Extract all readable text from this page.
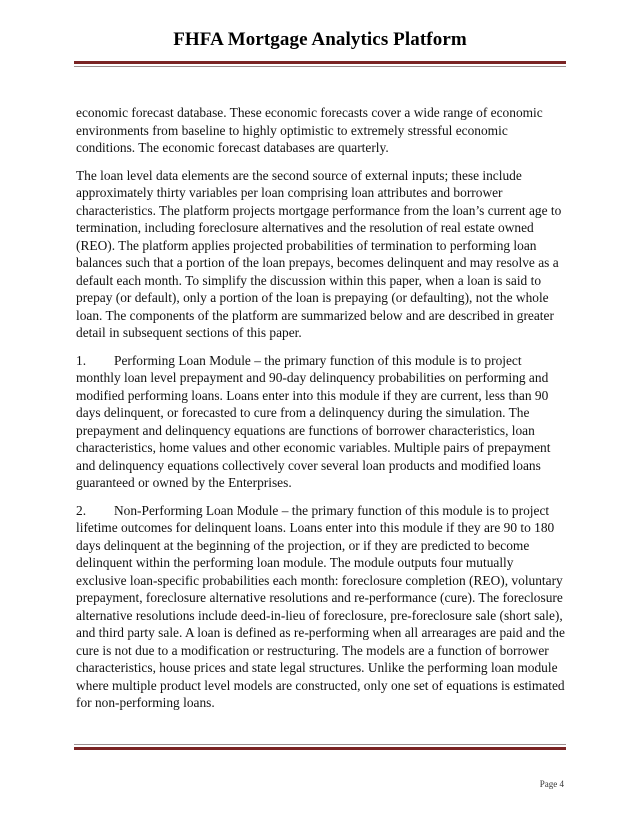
FHFA Mortgage Analytics Platform

economic forecast database. These economic forecasts cover a wide range of economic environments from baseline to highly optimistic to extremely stressful economic conditions. The economic forecast databases are quarterly.

The loan level data elements are the second source of external inputs; these include approximately thirty variables per loan comprising loan attributes and borrower characteristics. The platform projects mortgage performance from the loan’s current age to termination, including foreclosure alternatives and the resolution of real estate owned (REO). The platform applies projected probabilities of termination to performing loan balances such that a portion of the loan prepays, becomes delinquent and may resolve as a default each month. To simplify the discussion within this paper, when a loan is said to prepay (or default), only a portion of the loan is prepaying (or defaulting), not the whole loan. The components of the platform are summarized below and are described in greater detail in subsequent sections of this paper.

1. Performing Loan Module – the primary function of this module is to project monthly loan level prepayment and 90-day delinquency probabilities on performing and modified performing loans. Loans enter into this module if they are current, less than 90 days delinquent, or forecasted to cure from a delinquency during the simulation. The prepayment and delinquency equations are functions of borrower characteristics, loan characteristics, home values and other economic variables. Multiple pairs of prepayment and delinquency equations collectively cover several loan products and modified loans guaranteed or owned by the Enterprises.

2. Non-Performing Loan Module – the primary function of this module is to project lifetime outcomes for delinquent loans. Loans enter into this module if they are 90 to 180 days delinquent at the beginning of the projection, or if they are predicted to become delinquent within the performing loan module. The module outputs four mutually exclusive loan-specific probabilities each month: foreclosure completion (REO), voluntary prepayment, foreclosure alternative resolutions and re-performance (cure). The foreclosure alternative resolutions include deed-in-lieu of foreclosure, pre-foreclosure sale (short sale), and third party sale. A loan is defined as re-performing when all arrearages are paid and the cure is not due to a modification or restructuring. The models are a function of borrower characteristics, house prices and state legal structures. Unlike the performing loan module where multiple product level models are constructed, only one set of equations is estimated for non-performing loans.

Page 4
